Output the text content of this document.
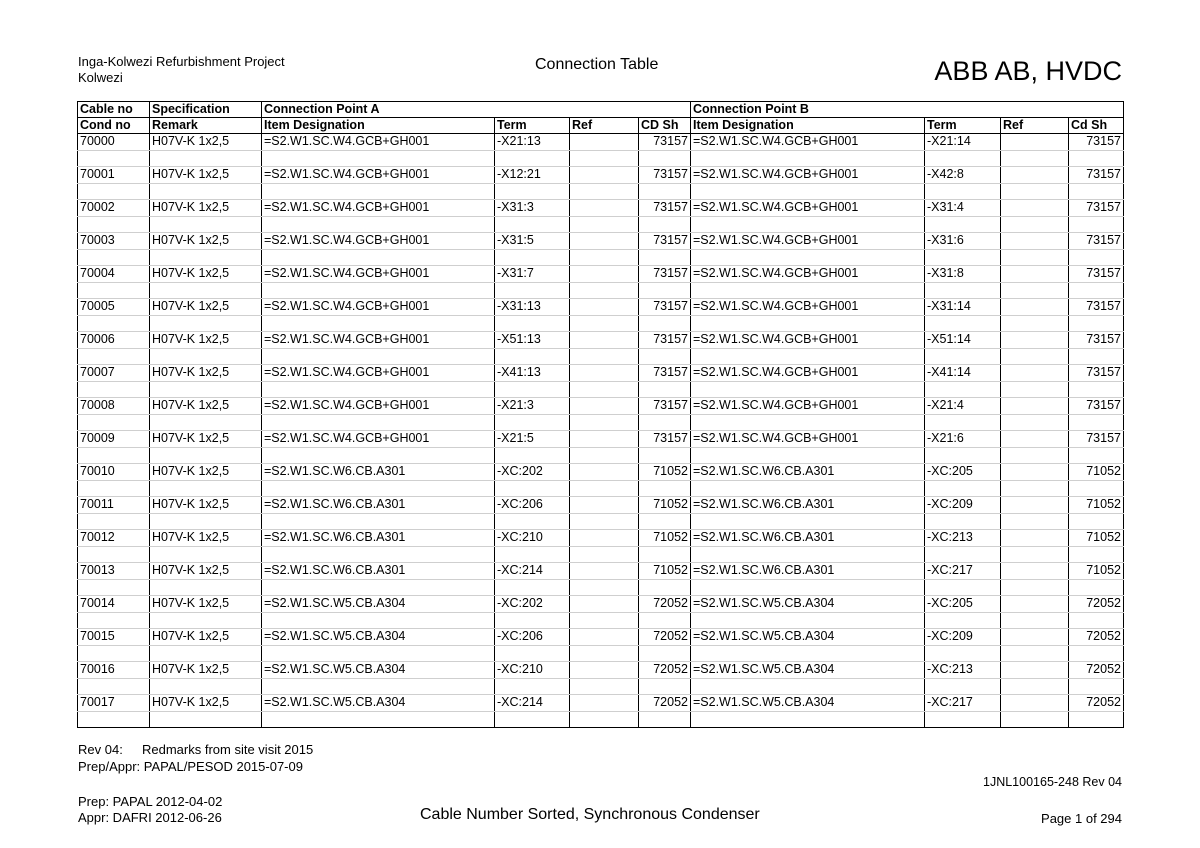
Inga-Kolwezi Refurbishment Project
Kolwezi
Connection Table	ABB AB, HVDC
Cable no	Specification	Connection Point A				Connection Point B			
Cond no	Remark	Item Designation	Term	Ref	CD Sh	Item Designation	Term	Ref	Cd Sh
70000	H07V-K 1x2,5	=S2.W1.SC.W4.GCB+GH001	-X21:13		73157	=S2.W1.SC.W4.GCB+GH001	-X21:14		73157

70001	H07V-K 1x2,5	=S2.W1.SC.W4.GCB+GH001	-X12:21		73157	=S2.W1.SC.W4.GCB+GH001	-X42:8		73157

70002	H07V-K 1x2,5	=S2.W1.SC.W4.GCB+GH001	-X31:3		73157	=S2.W1.SC.W4.GCB+GH001	-X31:4		73157

70003	H07V-K 1x2,5	=S2.W1.SC.W4.GCB+GH001	-X31:5		73157	=S2.W1.SC.W4.GCB+GH001	-X31:6		73157

70004	H07V-K 1x2,5	=S2.W1.SC.W4.GCB+GH001	-X31:7		73157	=S2.W1.SC.W4.GCB+GH001	-X31:8		73157

70005	H07V-K 1x2,5	=S2.W1.SC.W4.GCB+GH001	-X31:13		73157	=S2.W1.SC.W4.GCB+GH001	-X31:14		73157

70006	H07V-K 1x2,5	=S2.W1.SC.W4.GCB+GH001	-X51:13		73157	=S2.W1.SC.W4.GCB+GH001	-X51:14		73157

70007	H07V-K 1x2,5	=S2.W1.SC.W4.GCB+GH001	-X41:13		73157	=S2.W1.SC.W4.GCB+GH001	-X41:14		73157

70008	H07V-K 1x2,5	=S2.W1.SC.W4.GCB+GH001	-X21:3		73157	=S2.W1.SC.W4.GCB+GH001	-X21:4		73157

70009	H07V-K 1x2,5	=S2.W1.SC.W4.GCB+GH001	-X21:5		73157	=S2.W1.SC.W4.GCB+GH001	-X21:6		73157

70010	H07V-K 1x2,5	=S2.W1.SC.W6.CB.A301	-XC:202		71052	=S2.W1.SC.W6.CB.A301	-XC:205		71052

70011	H07V-K 1x2,5	=S2.W1.SC.W6.CB.A301	-XC:206		71052	=S2.W1.SC.W6.CB.A301	-XC:209		71052

70012	H07V-K 1x2,5	=S2.W1.SC.W6.CB.A301	-XC:210		71052	=S2.W1.SC.W6.CB.A301	-XC:213		71052

70013	H07V-K 1x2,5	=S2.W1.SC.W6.CB.A301	-XC:214		71052	=S2.W1.SC.W6.CB.A301	-XC:217		71052

70014	H07V-K 1x2,5	=S2.W1.SC.W5.CB.A304	-XC:202		72052	=S2.W1.SC.W5.CB.A304	-XC:205		72052

70015	H07V-K 1x2,5	=S2.W1.SC.W5.CB.A304	-XC:206		72052	=S2.W1.SC.W5.CB.A304	-XC:209		72052

70016	H07V-K 1x2,5	=S2.W1.SC.W5.CB.A304	-XC:210		72052	=S2.W1.SC.W5.CB.A304	-XC:213		72052

70017	H07V-K 1x2,5	=S2.W1.SC.W5.CB.A304	-XC:214		72052	=S2.W1.SC.W5.CB.A304	-XC:217		72052

Rev 04: Redmarks from site visit 2015
Prep/Appr: PAPAL/PESOD 2015-07-09
1JNL100165-248 Rev 04
Prep: PAPAL 2012-04-02
Appr: DAFRI 2012-06-26	Cable Number Sorted, Synchronous Condenser	Page 1 of 294
